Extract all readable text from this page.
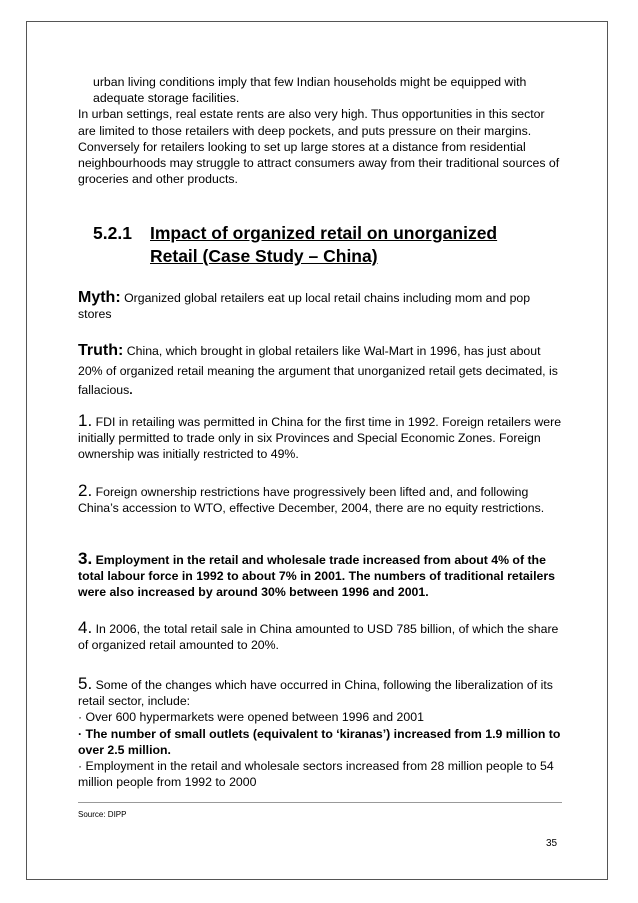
urban living conditions imply that few Indian households might be equipped with

adequate storage facilities.

In urban settings, real estate rents are also very high. Thus opportunities in this sector are limited to those retailers with deep pockets, and puts pressure on their margins. Conversely for retailers looking to set up large stores at a distance from residential neighbourhoods may struggle to attract consumers away from their traditional sources of groceries and other products.

5.2.1 Impact of organized retail on unorganized
Retail (Case Study – China)

Myth: Organized global retailers eat up local retail chains including mom and pop stores

Truth: China, which brought in global retailers like Wal-Mart in 1996, has just about 20% of organized retail meaning the argument that unorganized retail gets decimated, is fallacious.

1. FDI in retailing was permitted in China for the first time in 1992. Foreign retailers were initially permitted to trade only in six Provinces and Special Economic Zones. Foreign ownership was initially restricted to 49%.

2. Foreign ownership restrictions have progressively been lifted and, and following China’s accession to WTO, effective December, 2004, there are no equity restrictions.

3. Employment in the retail and wholesale trade increased from about 4% of the total labour force in 1992 to about 7% in 2001. The numbers of traditional retailers were also increased by around 30% between 1996 and 2001.

4. In 2006, the total retail sale in China amounted to USD 785 billion, of which the share of organized retail amounted to 20%.

5. Some of the changes which have occurred in China, following the liberalization of its retail sector, include:

· Over 600 hypermarkets were opened between 1996 and 2001

· The number of small outlets (equivalent to ‘kiranas’) increased from 1.9 million to over 2.5 million.

· Employment in the retail and wholesale sectors increased from 28 million people to 54 million people from 1992 to 2000

Source: DIPP
35
